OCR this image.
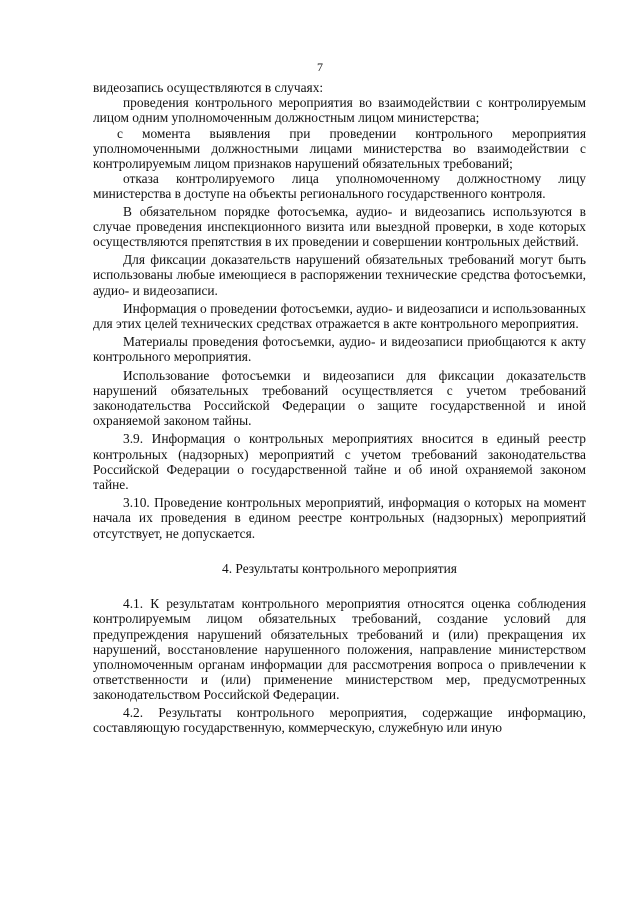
7

видеозапись осуществляются в случаях:

проведения контрольного мероприятия во взаимодействии с контролируемым лицом одним уполномоченным должностным лицом министерства;

с момента выявления при проведении контрольного мероприятия уполномоченными должностными лицами министерства во взаимодействии с контролируемым лицом признаков нарушений обязательных требований;

отказа контролируемого лица уполномоченному должностному лицу министерства в доступе на объекты регионального государственного контроля.

В обязательном порядке фотосъемка, аудио- и видеозапись используются в случае проведения инспекционного визита или выездной проверки, в ходе которых осуществляются препятствия в их проведении и совершении контрольных действий.

Для фиксации доказательств нарушений обязательных требований могут быть использованы любые имеющиеся в распоряжении технические средства фотосъемки, аудио- и видеозаписи.

Информация о проведении фотосъемки, аудио- и видеозаписи и использованных для этих целей технических средствах отражается в акте контрольного мероприятия.

Материалы проведения фотосъемки, аудио- и видеозаписи приобщаются к акту контрольного мероприятия.

Использование фотосъемки и видеозаписи для фиксации доказательств нарушений обязательных требований осуществляется с учетом требований законодательства Российской Федерации о защите государственной и иной охраняемой законом тайны.

3.9. Информация о контрольных мероприятиях вносится в единый реестр контрольных (надзорных) мероприятий с учетом требований законодательства Российской Федерации о государственной тайне и об иной охраняемой законом тайне.

3.10. Проведение контрольных мероприятий, информация о которых на момент начала их проведения в едином реестре контрольных (надзорных) мероприятий отсутствует, не допускается.

4. Результаты контрольного мероприятия

4.1. К результатам контрольного мероприятия относятся оценка соблюдения контролируемым лицом обязательных требований, создание условий для предупреждения нарушений обязательных требований и (или) прекращения их нарушений, восстановление нарушенного положения, направление министерством уполномоченным органам информации для рассмотрения вопроса о привлечении к ответственности и (или) применение министерством мер, предусмотренных законодательством Российской Федерации.

4.2. Результаты контрольного мероприятия, содержащие информацию, составляющую государственную, коммерческую, служебную или иную
